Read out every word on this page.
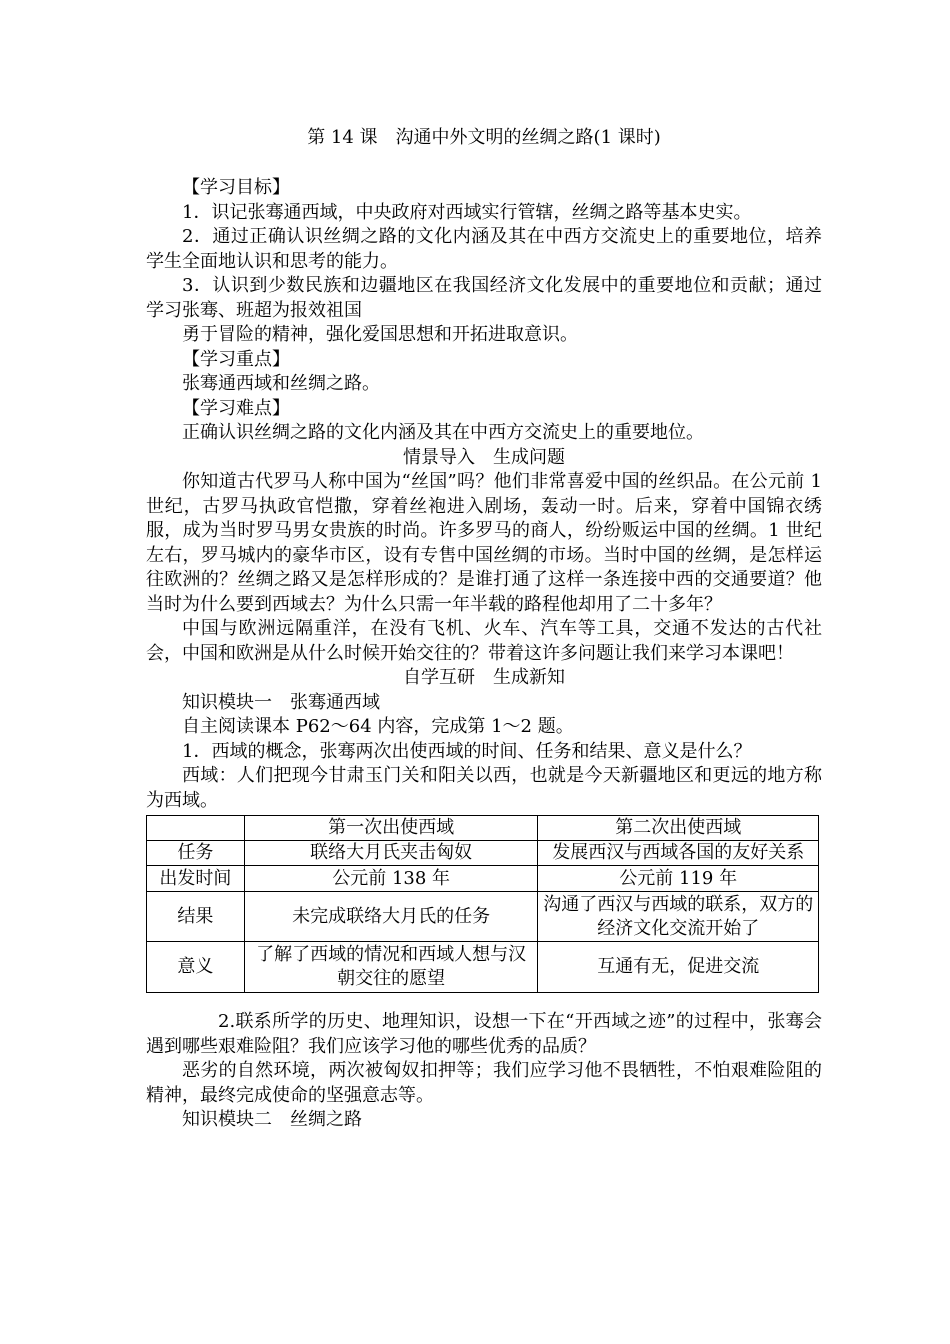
第 14 课　沟通中外文明的丝绸之路(1 课时)

【学习目标】

1．识记张骞通西域，中央政府对西域实行管辖，丝绸之路等基本史实。

2．通过正确认识丝绸之路的文化内涵及其在中西方交流史上的重要地位，培养学生全面地认识和思考的能力。

3．认识到少数民族和边疆地区在我国经济文化发展中的重要地位和贡献；通过学习张骞、班超为报效祖国

勇于冒险的精神，强化爱国思想和开拓进取意识。

【学习重点】

张骞通西域和丝绸之路。

【学习难点】

正确认识丝绸之路的文化内涵及其在中西方交流史上的重要地位。

情景导入　生成问题

你知道古代罗马人称中国为“丝国”吗？他们非常喜爱中国的丝织品。在公元前 1 世纪，古罗马执政官恺撒，穿着丝袍进入剧场，轰动一时。后来，穿着中国锦衣绣服，成为当时罗马男女贵族的时尚。许多罗马的商人，纷纷贩运中国的丝绸。1 世纪左右，罗马城内的豪华市区，设有专售中国丝绸的市场。当时中国的丝绸，是怎样运往欧洲的？丝绸之路又是怎样形成的？是谁打通了这样一条连接中西的交通要道？他当时为什么要到西域去？为什么只需一年半载的路程他却用了二十多年？

中国与欧洲远隔重洋，在没有飞机、火车、汽车等工具，交通不发达的古代社会，中国和欧洲是从什么时候开始交往的？带着这许多问题让我们来学习本课吧！

自学互研　生成新知

知识模块一　张骞通西域

自主阅读课本 P62～64 内容，完成第 1～2 题。

1．西域的概念，张骞两次出使西域的时间、任务和结果、意义是什么？

西域：人们把现今甘肃玉门关和阳关以西，也就是今天新疆地区和更远的地方称为西域。

	第一次出使西域	第二次出使西域
任务	联络大月氏夹击匈奴	发展西汉与西域各国的友好关系
出发时间	公元前 138 年	公元前 119 年
结果	未完成联络大月氏的任务	沟通了西汉与西域的联系，双方的经济文化交流开始了
意义	了解了西域的情况和西域人想与汉朝交往的愿望	互通有无，促进交流

2.联系所学的历史、地理知识，设想一下在“开西域之迹”的过程中，张骞会遇到哪些艰难险阻？我们应该学习他的哪些优秀的品质？

恶劣的自然环境，两次被匈奴扣押等；我们应学习他不畏牺牲，不怕艰难险阻的精神，最终完成使命的坚强意志等。

知识模块二　丝绸之路
